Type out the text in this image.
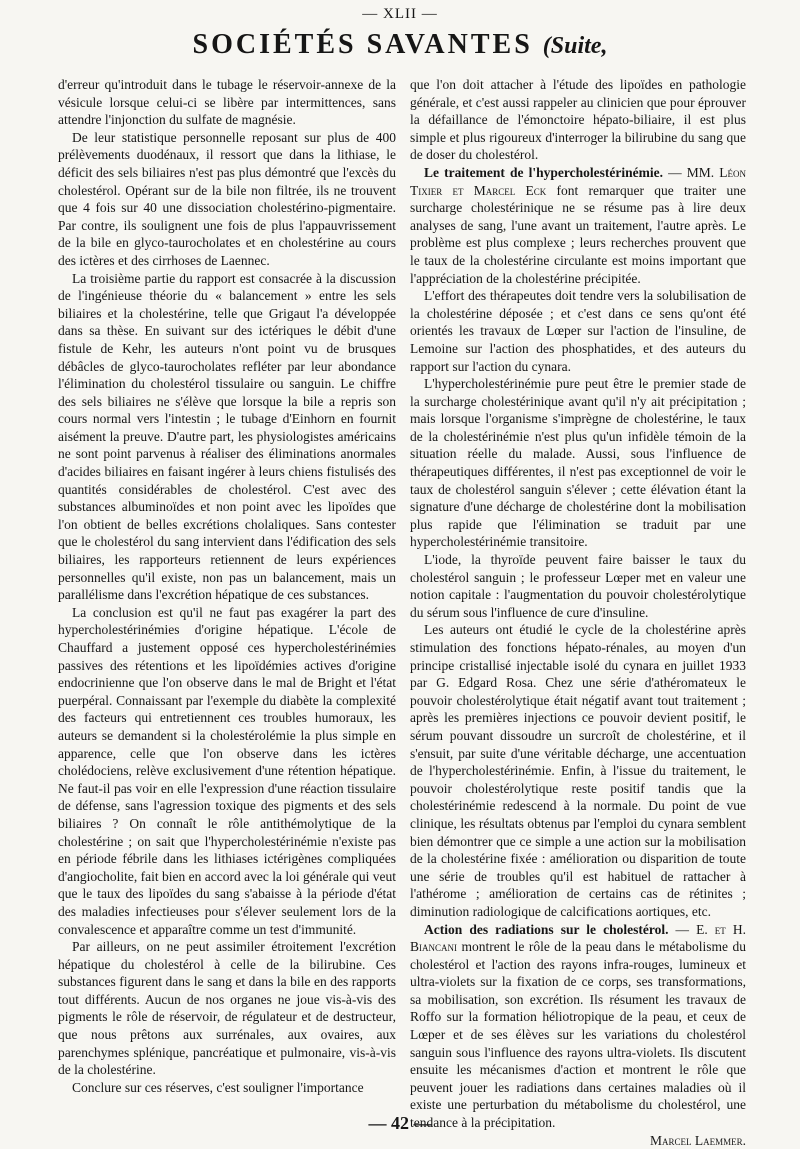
— XLII —
SOCIÉTÉS SAVANTES (Suite,

d'erreur qu'introduit dans le tubage le réservoir-annexe de la vésicule lorsque celui-ci se libère par intermittences, sans attendre l'injonction du sulfate de magnésie.

De leur statistique personnelle reposant sur plus de 400 prélèvements duodénaux, il ressort que dans la lithiase, le déficit des sels biliaires n'est pas plus démontré que l'excès du cholestérol. Opérant sur de la bile non filtrée, ils ne trouvent que 4 fois sur 40 une dissociation cholestérino-pigmentaire. Par contre, ils soulignent une fois de plus l'appauvrissement de la bile en glyco-taurocholates et en cholestérine au cours des ictères et des cirrhoses de Laennec.

La troisième partie du rapport est consacrée à la discussion de l'ingénieuse théorie du « balancement » entre les sels biliaires et la cholestérine, telle que Grigaut l'a développée dans sa thèse. En suivant sur des ictériques le débit d'une fistule de Kehr, les auteurs n'ont point vu de brusques débâcles de glyco-taurocholates refléter par leur abondance l'élimination du cholestérol tissulaire ou sanguin. Le chiffre des sels biliaires ne s'élève que lorsque la bile a repris son cours normal vers l'intestin ; le tubage d'Einhorn en fournit aisément la preuve. D'autre part, les physiologistes américains ne sont point parvenus à réaliser des éliminations anormales d'acides biliaires en faisant ingérer à leurs chiens fistulisés des quantités considérables de cholestérol. C'est avec des substances albuminoïdes et non point avec les lipoïdes que l'on obtient de belles excrétions cholaliques. Sans contester que le cholestérol du sang intervient dans l'édification des sels biliaires, les rapporteurs retiennent de leurs expériences personnelles qu'il existe, non pas un balancement, mais un parallélisme dans l'excrétion hépatique de ces substances.

La conclusion est qu'il ne faut pas exagérer la part des hypercholestérinémies d'origine hépatique. L'école de Chauffard a justement opposé ces hypercholestérinémies passives des rétentions et les lipoïdémies actives d'origine endocrinienne que l'on observe dans le mal de Bright et l'état puerpéral. Connaissant par l'exemple du diabète la complexité des facteurs qui entretiennent ces troubles humoraux, les auteurs se demandent si la cholestérolémie la plus simple en apparence, celle que l'on observe dans les ictères cholédociens, relève exclusivement d'une rétention hépatique. Ne faut-il pas voir en elle l'expression d'une réaction tissulaire de défense, sans l'agression toxique des pigments et des sels biliaires ? On connaît le rôle antithémolytique de la cholestérine ; on sait que l'hypercholestérinémie n'existe pas en période fébrile dans les lithiases ictérigènes compliquées d'angiocholite, fait bien en accord avec la loi générale qui veut que le taux des lipoïdes du sang s'abaisse à la période d'état des maladies infectieuses pour s'élever seulement lors de la convalescence et apparaître comme un test d'immunité.

Par ailleurs, on ne peut assimiler étroitement l'excrétion hépatique du cholestérol à celle de la bilirubine. Ces substances figurent dans le sang et dans la bile en des rapports tout différents. Aucun de nos organes ne joue vis-à-vis des pigments le rôle de réservoir, de régulateur et de destructeur, que nous prêtons aux surrénales, aux ovaires, aux parenchymes splénique, pancréatique et pulmonaire, vis-à-vis de la cholestérine.

Conclure sur ces réserves, c'est souligner l'importance

que l'on doit attacher à l'étude des lipoïdes en pathologie générale, et c'est aussi rappeler au clinicien que pour éprouver la défaillance de l'émonctoire hépato-biliaire, il est plus simple et plus rigoureux d'interroger la bilirubine du sang que de doser du cholestérol.

Le traitement de l'hypercholestérinémie. — MM. Léon Tixier et Marcel Eck font remarquer que traiter une surcharge cholestérinique ne se résume pas à lire deux analyses de sang, l'une avant un traitement, l'autre après. Le problème est plus complexe ; leurs recherches prouvent que le taux de la cholestérine circulante est moins important que l'appréciation de la cholestérine précipitée.

L'effort des thérapeutes doit tendre vers la solubilisation de la cholestérine déposée ; et c'est dans ce sens qu'ont été orientés les travaux de Lœper sur l'action de l'insuline, de Lemoine sur l'action des phosphatides, et des auteurs du rapport sur l'action du cynara.

L'hypercholestérinémie pure peut être le premier stade de la surcharge cholestérinique avant qu'il n'y ait précipitation ; mais lorsque l'organisme s'imprègne de cholestérine, le taux de la cholestérinémie n'est plus qu'un infidèle témoin de la situation réelle du malade. Aussi, sous l'influence de thérapeutiques différentes, il n'est pas exceptionnel de voir le taux de cholestérol sanguin s'élever ; cette élévation étant la signature d'une décharge de cholestérine dont la mobilisation plus rapide que l'élimination se traduit par une hypercholestérinémie transitoire.

L'iode, la thyroïde peuvent faire baisser le taux du cholestérol sanguin ; le professeur Lœper met en valeur une notion capitale : l'augmentation du pouvoir cholestérolytique du sérum sous l'influence de cure d'insuline.

Les auteurs ont étudié le cycle de la cholestérine après stimulation des fonctions hépato-rénales, au moyen d'un principe cristallisé injectable isolé du cynara en juillet 1933 par G. Edgard Rosa. Chez une série d'athéromateux le pouvoir cholestérolytique était négatif avant tout traitement ; après les premières injections ce pouvoir devient positif, le sérum pouvant dissoudre un surcroît de cholestérine, et il s'ensuit, par suite d'une véritable décharge, une accentuation de l'hypercholestérinémie. Enfin, à l'issue du traitement, le pouvoir cholestérolytique reste positif tandis que la cholestérinémie redescend à la normale. Du point de vue clinique, les résultats obtenus par l'emploi du cynara semblent bien démontrer que ce simple a une action sur la mobilisation de la cholestérine fixée : amélioration ou disparition de toute une série de troubles qu'il est habituel de rattacher à l'athérome ; amélioration de certains cas de rétinites ; diminution radiologique de calcifications aortiques, etc.

Action des radiations sur le cholestérol. — E. et H. Biancani montrent le rôle de la peau dans le métabolisme du cholestérol et l'action des rayons infra-rouges, lumineux et ultra-violets sur la fixation de ce corps, ses transformations, sa mobilisation, son excrétion. Ils résument les travaux de Roffo sur la formation héliotropique de la peau, et ceux de Lœper et de ses élèves sur les variations du cholestérol sanguin sous l'influence des rayons ultra-violets. Ils discutent ensuite les mécanismes d'action et montrent le rôle que peuvent jouer les radiations dans certaines maladies où il existe une perturbation du métabolisme du cholestérol, une tendance à la précipitation.

Marcel Laemmer.

— 42 —
